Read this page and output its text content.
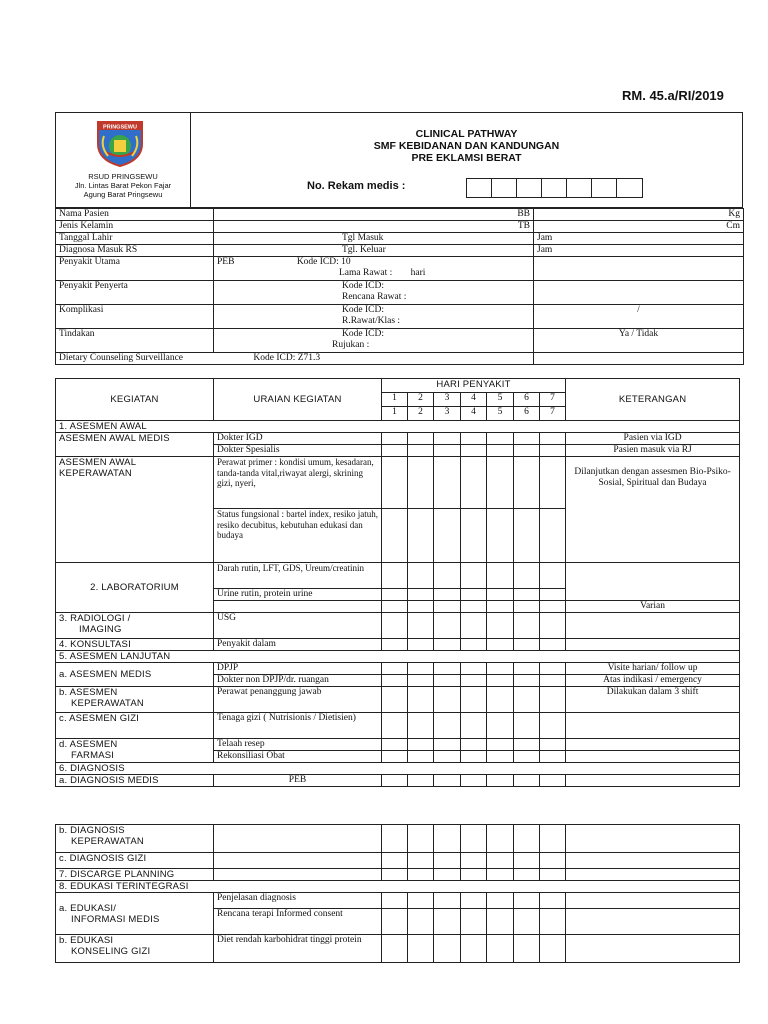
RM. 45.a/RI/2019
PRINGSEWU
RSUD PRINGSEWU
Jln. Lintas Barat Pekon Fajar
Agung Barat Pringsewu
CLINICAL PATHWAY
SMF KEBIDANAN DAN KANDUNGAN
PRE EKLAMSI BERAT
No. Rekam medis :
Nama Pasien	BB	Kg
Jenis Kelamin	TB	Cm
Tanggal Lahir	Tgl Masuk	Jam
Diagnosa Masuk RS	Tgl. Keluar	Jam
Penyakit Utama	PEB Kode ICD: 10
Lama Rawat : hari	
Penyakit Penyerta	Kode ICD:
Rencana Rawat :	
Komplikasi	Kode ICD:
R.Rawat/Klas :	/
Tindakan	Kode ICD:
Rujukan :	Ya / Tidak
Dietary Counseling Surveillance Kode ICD: Z71.3		
KEGIATAN	URAIAN KEGIATAN	HARI PENYAKIT							KETERANGAN
		1	2	3	4	5	6	7	
		1	2	3	4	5	6	7	
1. ASESMEN AWAL									
ASESMEN AWAL MEDIS	Dokter IGD								Pasien via IGD
	Dokter Spesialis								Pasien masuk via RJ

ASESMEN AWAL
KEPERAWATAN	Perawat primer : kondisi umum, kesadaran, tanda-tanda vital,riwayat alergi, skrining gizi, nyeri,								Dilanjutkan dengan assesmen Bio-Psiko-Sosial, Spiritual dan Budaya
	Status fungsional : bartel index, resiko jatuh, resiko decubitus, kebutuhan edukasi dan budaya								
2. LABORATORIUM	Darah rutin, LFT, GDS, Ureum/creatinin								
	Urine rutin, protein urine								
									Varian

3. RADIOLOGI /
IMAGING	USG								
4. KONSULTASI	Penyakit dalam								
5. ASESMEN LANJUTAN									
a. ASESMEN MEDIS	DPJP								Visite harian/ follow up
	Dokter non DPJP/dr. ruangan								Atas indikasi / emergency

b. ASESMEN
KEPERAWATAN	Perawat penanggung jawab								Dilakukan dalam 3 shift
c. ASESMEN GIZI	Tenaga gizi ( Nutrisionis / Dietisien)								

d. ASESMEN
FARMASI	Telaah resep								
	Rekonsiliasi Obat								
6. DIAGNOSIS									
a. DIAGNOSIS MEDIS	PEB								
b. DIAGNOSIS
KEPERAWATAN									

c. DIAGNOSIS GIZI									
7. DISCARGE PLANNING									
8. EDUKASI TERINTEGRASI									

a. EDUKASI/
INFORMASI MEDIS	Penjelasan diagnosis								
	Rencana terapi Informed consent								

b. EDUKASI
KONSELING GIZI	Diet rendah karbohidrat tinggi protein								
